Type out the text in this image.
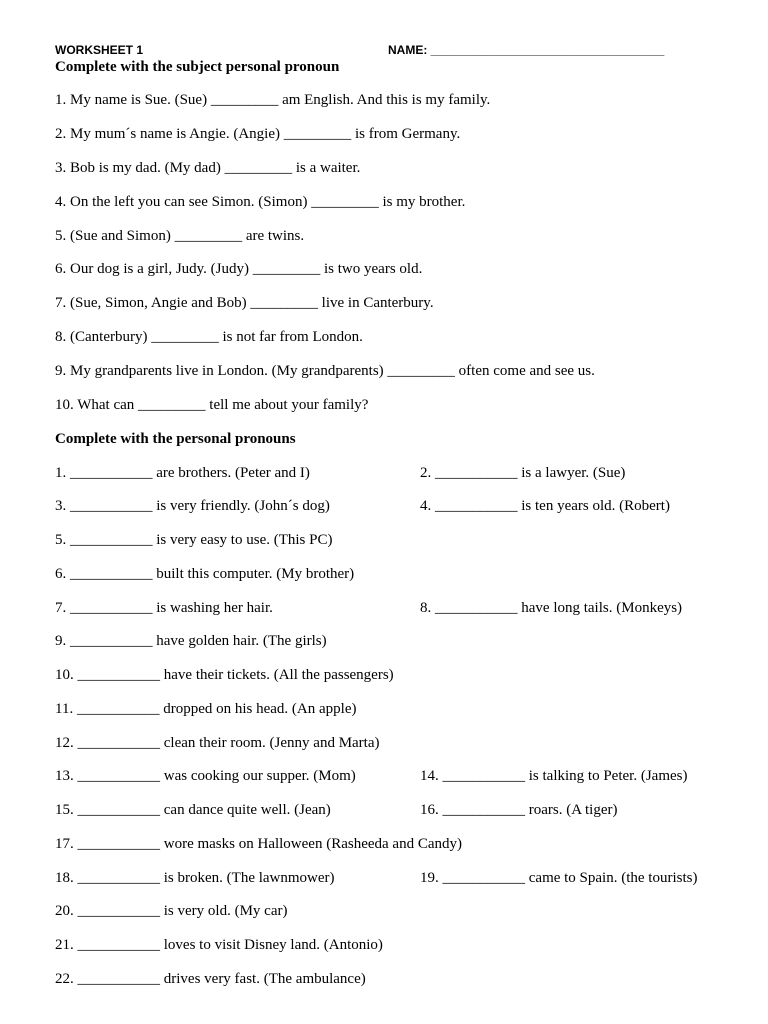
WORKSHEET 1	NAME: ___________________________________
Complete with the subject personal pronoun
1. My name is Sue. (Sue) _________ am English. And this is my family.
2. My mum´s name is Angie. (Angie) _________ is from Germany.
3. Bob is my dad. (My dad) _________ is a waiter.
4. On the left you can see Simon. (Simon) _________ is my brother.
5. (Sue and Simon) _________ are twins.
6. Our dog is a girl, Judy. (Judy) _________ is two years old.
7. (Sue, Simon, Angie and Bob) _________ live in Canterbury.
8. (Canterbury) _________ is not far from London.
9. My grandparents live in London. (My grandparents) _________ often come and see us.
10. What can _________ tell me about your family?
Complete with the personal pronouns
1. ___________ are brothers. (Peter and I)	2. ___________ is a lawyer. (Sue)
3. ___________ is very friendly. (John´s dog)	4. ___________ is ten years old. (Robert)
5. ___________ is very easy to use. (This PC)
6. ___________ built this computer. (My brother)
7. ___________ is washing her hair.	8. ___________ have long tails. (Monkeys)
9. ___________ have golden hair. (The girls)
10. ___________ have their tickets. (All the passengers)
11. ___________ dropped on his head. (An apple)
12. ___________ clean their room. (Jenny and Marta)
13. ___________ was cooking our supper. (Mom)	14. ___________ is talking to Peter. (James)
15. ___________ can dance quite well. (Jean)	16. ___________ roars. (A tiger)
17. ___________ wore masks on Halloween (Rasheeda and Candy)
18. ___________ is broken. (The lawnmower)	19. ___________ came to Spain. (the tourists)
20. ___________ is very old. (My car)
21. ___________ loves to visit Disney land. (Antonio)
22. ___________ drives very fast. (The ambulance)
